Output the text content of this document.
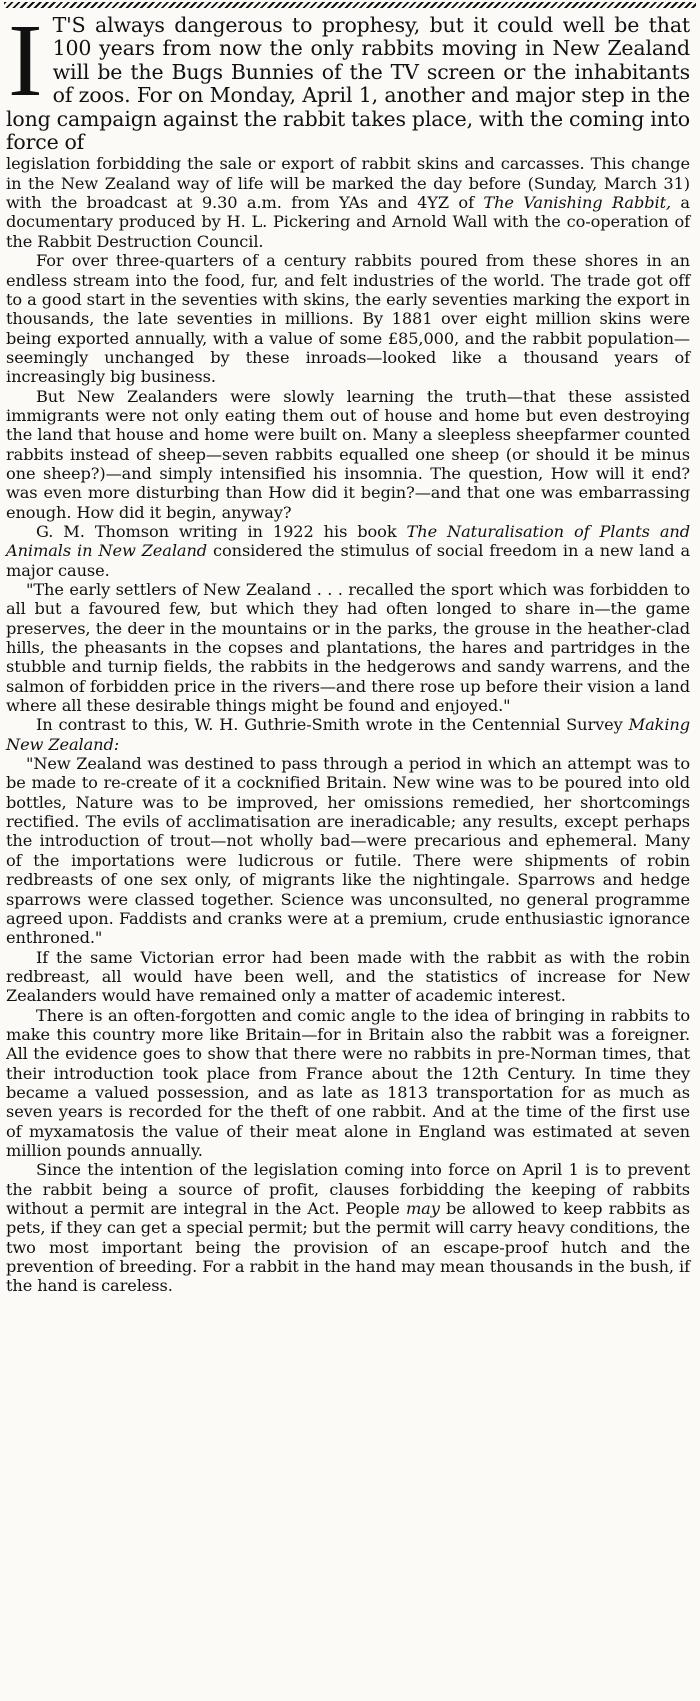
I T'S always dangerous to prophesy, but it could well be that 100 years from now the only rabbits moving in New Zealand will be the Bugs Bunnies of the TV screen or the inhabitants of zoos. For on Monday, April 1, another and major step in the long campaign against the rabbit takes place, with the coming into force of

legislation forbidding the sale or export of rabbit skins and carcasses. This change in the New Zealand way of life will be marked the day before (Sunday, March 31) with the broadcast at 9.30 a.m. from YAs and 4YZ of The Vanishing Rabbit, a documentary produced by H. L. Pickering and Arnold Wall with the co-operation of the Rabbit Destruction Council.

For over three-quarters of a century rabbits poured from these shores in an endless stream into the food, fur, and felt industries of the world. The trade got off to a good start in the seventies with skins, the early seventies marking the export in thousands, the late seventies in millions. By 1881 over eight million skins were being exported annually, with a value of some £85,000, and the rabbit population—seemingly unchanged by these inroads—looked like a thousand years of increasingly big business.

But New Zealanders were slowly learning the truth—that these assisted immigrants were not only eating them out of house and home but even destroying the land that house and home were built on. Many a sleepless sheepfarmer counted rabbits instead of sheep—seven rabbits equalled one sheep (or should it be minus one sheep?)—and simply intensified his insomnia. The question, How will it end? was even more disturbing than How did it begin?—and that one was embarrassing enough. How did it begin, anyway?

G. M. Thomson writing in 1922 his book The Naturalisation of Plants and Animals in New Zealand considered the stimulus of social freedom in a new land a major cause.

"The early settlers of New Zealand . . . recalled the sport which was forbidden to all but a favoured few, but which they had often longed to share in—the game preserves, the deer in the mountains or in the parks, the grouse in the heather-clad hills, the pheasants in the copses and plantations, the hares and partridges in the stubble and turnip fields, the rabbits in the hedgerows and sandy warrens, and the salmon of forbidden price in the rivers—and there rose up before their vision a land where all these desirable things might be found and enjoyed."

In contrast to this, W. H. Guthrie-Smith wrote in the Centennial Survey Making New Zealand:

"New Zealand was destined to pass through a period in which an attempt was to be made to re-create of it a cocknified Britain. New wine was to be poured into old bottles, Nature was to be improved, her omissions remedied, her shortcomings rectified. The evils of acclimatisation are ineradicable; any results, except perhaps the introduction of trout—not wholly bad—were precarious and ephemeral. Many of the importations were ludicrous or futile. There were shipments of robin redbreasts of one sex only, of migrants like the nightingale. Sparrows and hedge sparrows were classed together. Science was unconsulted, no general programme agreed upon. Faddists and cranks were at a premium, crude enthusiastic ignorance enthroned."

If the same Victorian error had been made with the rabbit as with the robin redbreast, all would have been well, and the statistics of increase for New Zealanders would have remained only a matter of academic interest.

There is an often-forgotten and comic angle to the idea of bringing in rabbits to make this country more like Britain—for in Britain also the rabbit was a foreigner. All the evidence goes to show that there were no rabbits in pre-Norman times, that their introduction took place from France about the 12th Century. In time they became a valued possession, and as late as 1813 transportation for as much as seven years is recorded for the theft of one rabbit. And at the time of the first use of myxamatosis the value of their meat alone in England was estimated at seven million pounds annually.

Since the intention of the legislation coming into force on April 1 is to prevent the rabbit being a source of profit, clauses forbidding the keeping of rabbits without a permit are integral in the Act. People may be allowed to keep rabbits as pets, if they can get a special permit; but the permit will carry heavy conditions, the two most important being the provision of an escape-proof hutch and the prevention of breeding. For a rabbit in the hand may mean thousands in the bush, if the hand is careless.
